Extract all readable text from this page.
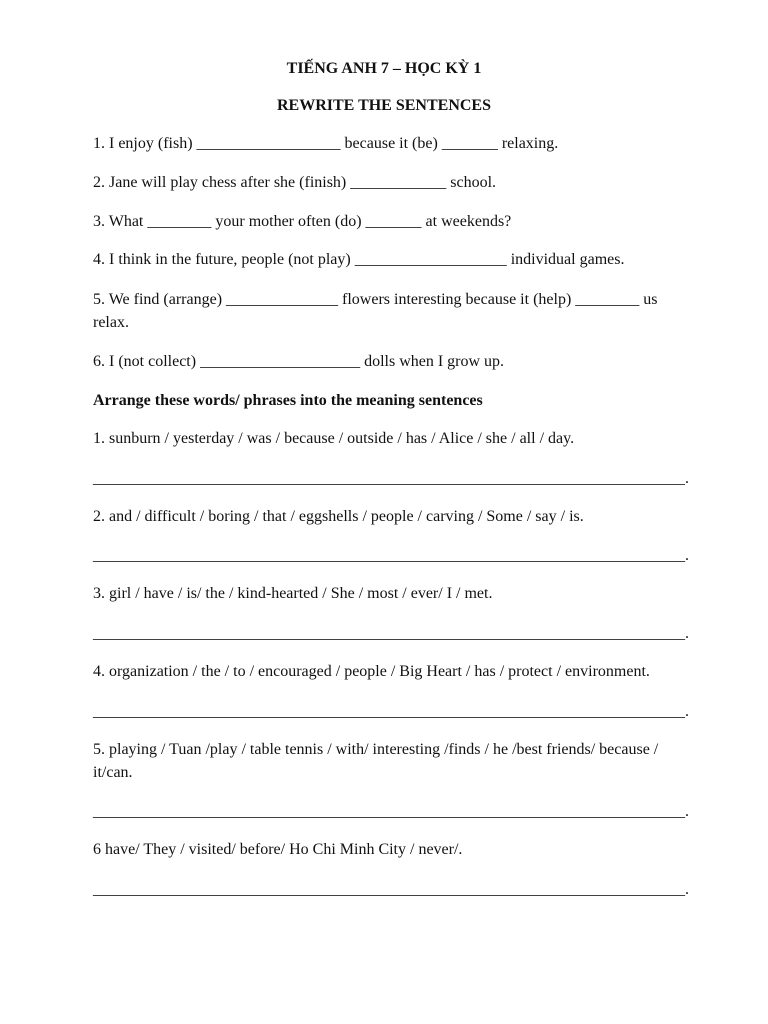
TIẾNG ANH 7 – HỌC KỲ 1
REWRITE THE SENTENCES
1. I enjoy (fish) __________________ because it (be) _______ relaxing.
2. Jane will play chess after she (finish) ____________ school.
3. What ________ your mother often (do) _______ at weekends?
4. I think in the future, people (not play) ___________________ individual games.
5. We find (arrange) ______________ flowers interesting because it (help) ________ us relax.
6. I (not collect) ____________________ dolls when I grow up.
Arrange these words/ phrases into the meaning sentences
1. sunburn / yesterday / was / because / outside / has / Alice / she / all / day.
__________________________________________________________________________.
2. and / difficult / boring / that / eggshells / people / carving / Some / say / is.
__________________________________________________________________________.
3. girl / have / is/ the / kind-hearted / She / most / ever/ I / met.
__________________________________________________________________________.
4. organization / the / to / encouraged / people / Big Heart / has / protect / environment.
__________________________________________________________________________.
5. playing / Tuan /play / table tennis / with/ interesting /finds / he /best friends/ because / it/can.
__________________________________________________________________________.
6 have/ They / visited/ before/ Ho Chi Minh City / never/.
__________________________________________________________________________.
